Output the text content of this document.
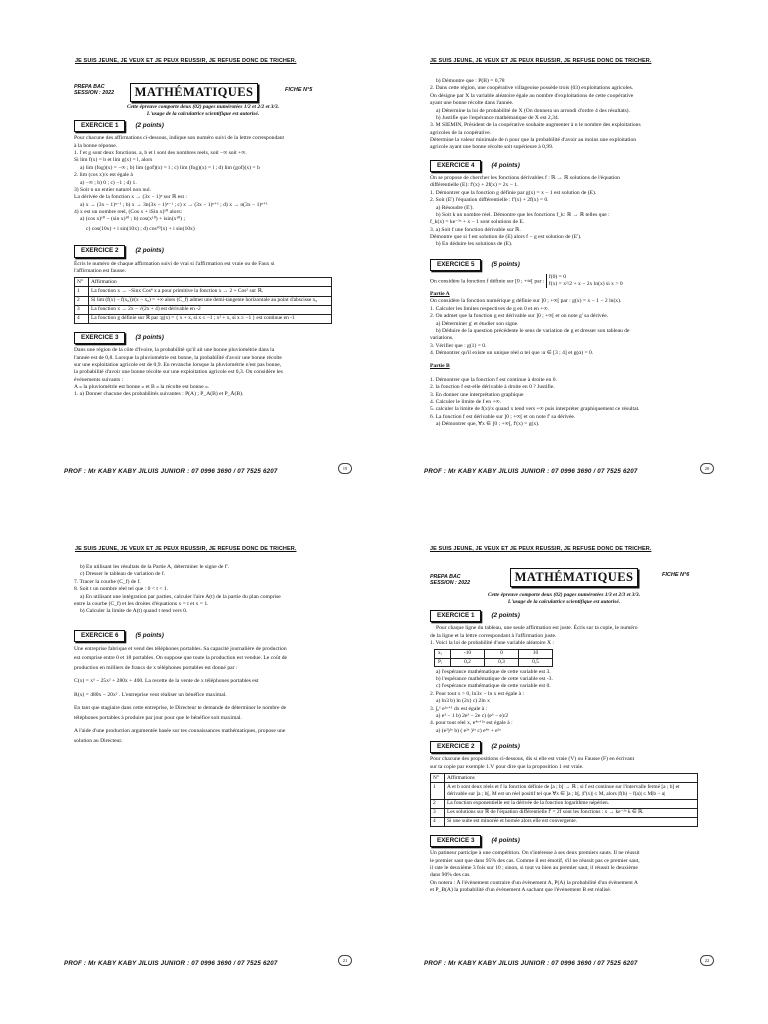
JE SUIS JEUNE, JE VEUX ET JE PEUX REUSSIR, JE REFUSE DONC DE TRICHER.
PREPA BAC
SESSION : 2022	MATHÉMATIQUES	FICHE N°5
Cette épreuve comporte deux (02) pages numérotées 1/2 et 2/2 et 3/3.
L'usage de la calculatrice scientifique est autorisé.
EXERCICE 1	(2 points)

Pour chacune des affirmations ci-dessous, indique son numéro suivi de la lettre correspondant

à la bonne réponse.

1. f et g sont deux fonctions. a, b et l sont des nombres reels, soit −∞ soit +∞.

Si lim f(x) = b et lim g(x) = l, alors

a) lim (fog)(x) = −∞ ; b) lim (gof)(x) = l ; c) lim (fog)(x) = l ; d) lim (gof)(x) = b

2. lim (cos x)/x est égale à

a) −∞ ; b) 0 ; c) −1 ; d) 1.

3) Soit n un entier naturel non nul.

La dérivée de la fonction x → (3x − 1)ⁿ sur ℝ est :

a) x → (3x − 1)ⁿ⁻¹ ; b) x → 3n(3x − 1)ⁿ⁻¹ ; c) x → (3x − 1)ⁿ⁺¹ ; d) x → n(3x − 1)ⁿ⁺¹

4) x est un nombre reel, (Cos x + iSin x)¹⁰ alors:

a) (cos x)¹⁰ − (sin x)¹⁰ ; b) cos(x¹⁰) + isin(x¹⁰) ;

c) cos(10x) + i sin(10x) ; d) cos¹⁰(x) + i sin(10x)

EXERCICE 2	(2 points)

Écris le numéro de chaque affirmation suivi de vrai si l'affirmation est vraie ou de Faux si

l'affirmation est fausse.

N°	Affirmation
1	La fonction x → −Sinx Cos⁴ x a pour primitive la fonction x → 2 + Cos⁵ sur ℝ.
2	Si lim (f(x) − f(x₀))/(x − x₀) = +∞ alors (C_f) admet une demi-tangente horizontale au point d'abscisse x₀
3	La fonction x → 2x − √(2x + 4) est dérivable en -2
4	La fonction g définie sur ℝ par :g(x) = { x + x, si x ≤ −1 ; x² + x, si x ≥ −1 } est continue en -1
EXERCICE 3	(3 points)

Dans une région de la côte d'Ivoire, la probabilité qu'il ait une bonne pluviométrie dans la

l'année est de 0,8. Lorsque la pluviométrie est bonne, la probabilité d'avoir une bonne récolte

sur une exploitation agricole est de 0,9. En revanche lorsque la pluviométrie n'est pas bonne,

la probabilité d'avoir une bonne récolte sur une exploitation agricole est 0,3. On considère les

événements suivants :

A « la pluviométrie est bonne » et B « la récolte est bonne ».

1. a) Donner chacune des probabilités suivantes : P(A) ; P_A(B) et P_Ā(B).

PROF : Mr KABY KABY JILUIS JUNIOR : 07 0996 3690 / 07 7525 6207	19
JE SUIS JEUNE, JE VEUX ET JE PEUX REUSSIR, JE REFUSE DONC DE TRICHER.

b) Démontre que : P(B) = 0,78

2. Dans cette région, une coopérative villageoise possède trois (03) exploitations agricoles.

On désigne par X la variable aléatoire égale au nombre d'exploitations de cette coopérative

ayant une bonne récolte dans l'année.

a) Détermine la loi de probabilité de X (On donnera un arrondi d'ordre 4 des résultats).

b) Justifie que l'espérance mathématique de X est 2,34.

3. M SIEMIN, Président de la coopérative souhaite augmenter à n le nombre des exploitations

agricoles de la coopérative.

Détermine la valeur minimale de n pour que la probabilité d'avoir au moins une exploitation

agricole ayant une bonne récolte soit supérieure à 0,99.

EXERCICE 4	(4 points)

On se propose de chercher les fonctions dérivables f : ℝ → ℝ solutions de l'équation

différentielle (E): f'(x) + 2f(x) = 2x − 1.

1. Démontrer que la fonction g définie par g(x) = x − 1 est solution de (E).

2. Soit (E') l'équation différentielle : f'(x) + 2f(x) = 0.

a) Résoudre (E').

b) Soit k un nombre réel. Démontre que les fonctions f_k: ℝ → ℝ telles que :

f_k(x) = ke⁻²ˣ + x − 1 sont solutions de E.

3. a) Soit f une fonction dérivable sur ℝ.

Démontre que si f est solution de (E) alors f − g est solution de (E').

b) En déduire les solutions de (E).

EXERCICE 5	(5 points)

On considère la fonction f définie sur [0 ; +∞[ par :
f(0) = 0
f(x) = x²/2 + x − 2x ln(x) si x > 0

Partie A

On considère la fonction numérique g définie sur ]0 ; +∞[ par : g(x) = x − 1 − 2 ln(x).

1. Calculer les limites respectives de g en 0 et en +∞.

2. On admet que la fonction g est dérivable sur ]0 ; +∞[ et on note g' sa dérivée.

a) Déterminer g' et étudier son signe.

b) Déduire de la question précédente le sens de variation de g et dresser son tableau de

variations.

3. Vérifier que : g(1) = 0.

4. Démontrer qu'il existe un unique réel α tel que :α ∈ [3 ; 4] et g(α) = 0.

Partie B

1. Démontrer que la fonction f est continue à droite en 0.

2. la fonction f est-elle dérivable à droite en 0 ? Justifie.

3. En donner une interprétation graphique

4. Calculer le limite de f en +∞.

5. calculer la limite de f(x)/x quand x tend vers +∞ puis interpréter graphiquement ce résultat.

6. La fonction f est dérivable sur ]0 ; +∞[ et on note f' sa dérivée.

a) Démontrer que, ∀x ∈ ]0 ; +∞[, f'(x) = g(x).

PROF : Mr KABY KABY JILUIS JUNIOR : 07 0996 3690 / 07 7525 6207	20
JE SUIS JEUNE, JE VEUX ET JE PEUX REUSSIR, JE REFUSE DONC DE TRICHER.

b) En utilisant les résultats de la Partie A, déterminer le signe de f'.

c) Dresser le tableau de variation de f.

7. Tracer la courbe (C_f) de f.

8. Soit t un nombre réel tel que : 0 < t < 1.

a) En utilisant une intégration par parties, calculer l'aire A(t) de la partie du plan comprise

entre la courbe (C_f) et les droites d'équations x = t et x = 1.

b) Calculer la limite de A(t) quand t tend vers 0.

EXERCICE 6	(5 points)

Une entreprise fabrique et vend des téléphones portables. Sa capacité journalière de production

est comprise entre 0 et 18 portables. On suppose que toute la production est vendue. Le coût de

production en milliers de francs de x téléphones portables est donné par :

C(x) = x³ − 25x² + 280x + 400. La recette de la vente de x téléphones portables est

R(x) = 480x − 20x² . L'entreprise veut réaliser un bénéfice maximal.

En tant que stagiaire dans cette entreprise, le Directeur te demande de déterminer le nombre de

téléphones portables à produire par jour pour que le bénéfice soit maximal.

A l'aide d'une production argumentée basée sur tes connaissances mathématiques, propose une

solution au Directeur.

PROF : Mr KABY KABY JILUIS JUNIOR : 07 0996 3690 / 07 7525 6207	21
JE SUIS JEUNE, JE VEUX ET JE PEUX REUSSIR, JE REFUSE DONC DE TRICHER.
PREPA BAC
SESSION : 2022	MATHÉMATIQUES	FICHE N°6
Cette épreuve comporte deux (02) pages numérotées 1/3 et 2/3 et 3/3.
L'usage de la calculatrice scientifique est autorisé.
EXERCICE 1	(2 points)

Pour chaque ligne du tableau, une seule affirmation est juste. Écris sur ta copie, le numéro

de la ligne et la lettre correspondant à l'affirmation juste.

1. Voici la loi de probabilité d'une variable aléatoire X :

xᵢ	-10	0	10
Pᵢ	0,2	0,3	0,5

a) l'espérance mathématique de cette variable est 3.

b) l'espérance mathématique de cette variable est -3.

c) l'espérance mathématique de cette variable est 0.

2. Pour tout x > 0, ln3x − ln x est égale à :

a) ln3 b) ln (2x) c) 2ln x

3. ∫₀¹ e²ˣ⁺¹ dx est égale à :

a) e³ − 1 b) 2e³ − 2e c) (e³ − e)/2

4. pour tout réel x, e⁴ˣ⁺²ˣ est égale à :

a) (e²)²ˣ b) ( e²ˣ )²ˣ c) e⁴ˣ + e²ˣ

EXERCICE 2	(2 points)

Pour chacune des propositions ci-dessous, dis si elle est vraie (V) ou Fausse (F) en écrivant

sur ta copie par exemple 1.V pour dire que la proposition 1 est vraie.

N°	Affirmations
1	A et b sont deux réels et f la fonction définie de [a ; b] → ℝ ; si f est continue sur l'intervalle fermé [a ; b] et dérivable sur ]a ; b[, M est un réel positif tel que ∀x ∈ ]a ; b[, |f'(x)| ≤ M, alors |f(b) − f(a)| ≤ M|b − a|
2	La fonction exponentielle est la dérivée de la fonction logarithme népérien.
3	Les solutions sur ℝ de l'équation différentielle f' = 2f sont les fonctions : x → ke⁻²ˣ k ∈ ℝ.
4	Si une suite est minorée et bornée alors elle est convergente.
EXERCICE 3	(4 points)

Un patineur participe à une compétition. On s'intéresse à ses deux premiers sauts. Il ne réussit

le premier saut que dans 95% des cas. Comme il est émotif, s'il ne réussit pas ce premier saut,

il rate le deuxième 3 fois sur 10 ; sinon, si tout va bien au premier saut, il réussit le deuxième

dans 90% des cas.

On notera : Ā l'évènement contraire d'un évènement A, P(A) la probabilité d'un évènement A

et P_B(A) la probabilité d'un évènement A sachant que l'évènement B est réalisé.

PROF : Mr KABY KABY JILUIS JUNIOR : 07 0996 3690 / 07 7525 6207	22
